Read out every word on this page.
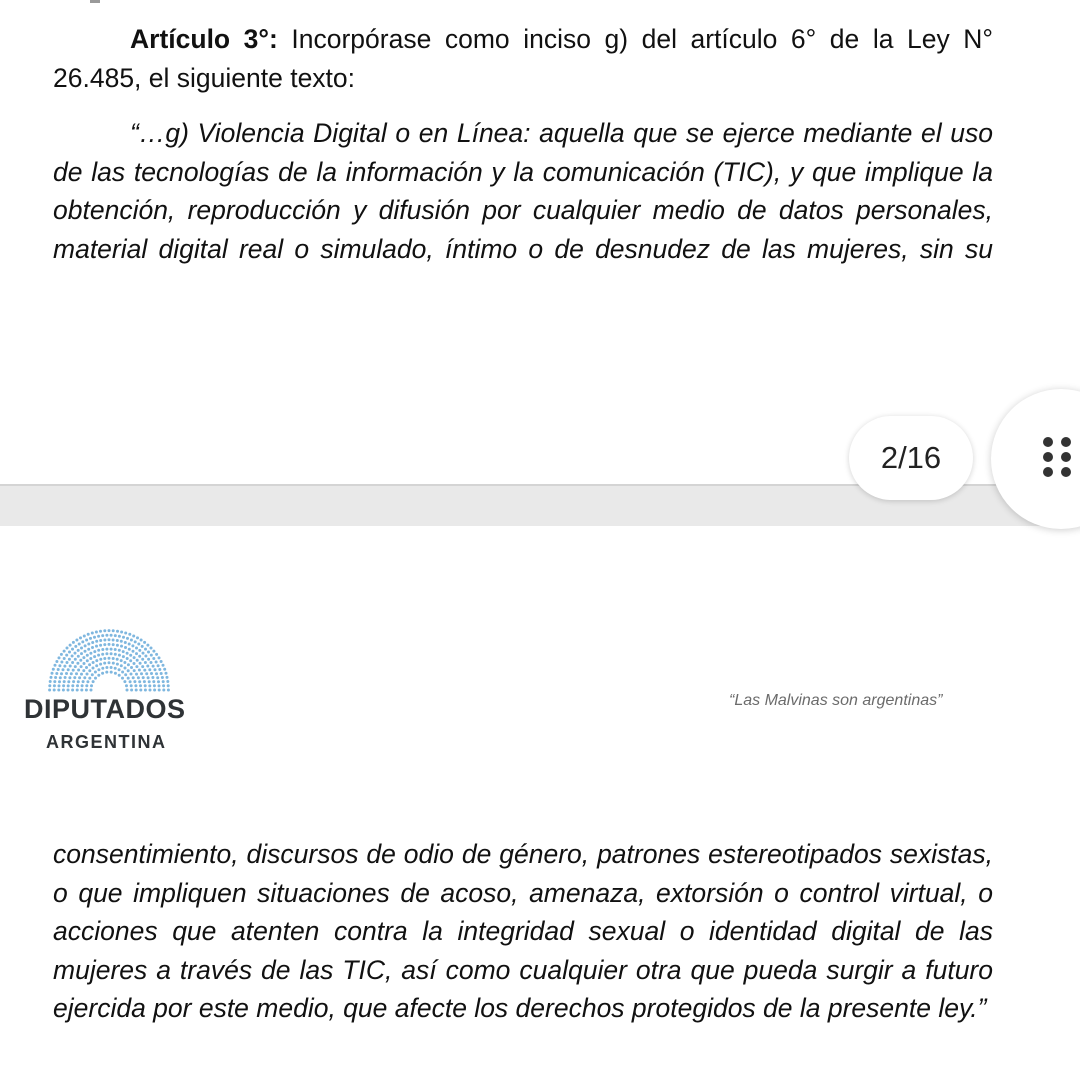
Artículo 3°: Incorpórase como inciso g) del artículo 6° de la Ley N° 26.485, el siguiente texto:
“…g) Violencia Digital o en Línea: aquella que se ejerce mediante el uso de las tecnologías de la información y la comunicación (TIC), y que implique la obtención, reproducción y difusión por cualquier medio de datos personales, material digital real o simulado, íntimo o de desnudez de las mujeres, sin su
DIPUTADOS
ARGENTINA
“Las Malvinas son argentinas”
consentimiento, discursos de odio de género, patrones estereotipados sexistas, o que impliquen situaciones de acoso, amenaza, extorsión o control virtual, o acciones que atenten contra la integridad sexual o identidad digital de las mujeres a través de las TIC, así como cualquier otra que pueda surgir a futuro ejercida por este medio, que afecte los derechos protegidos de la presente ley.”
2/16
